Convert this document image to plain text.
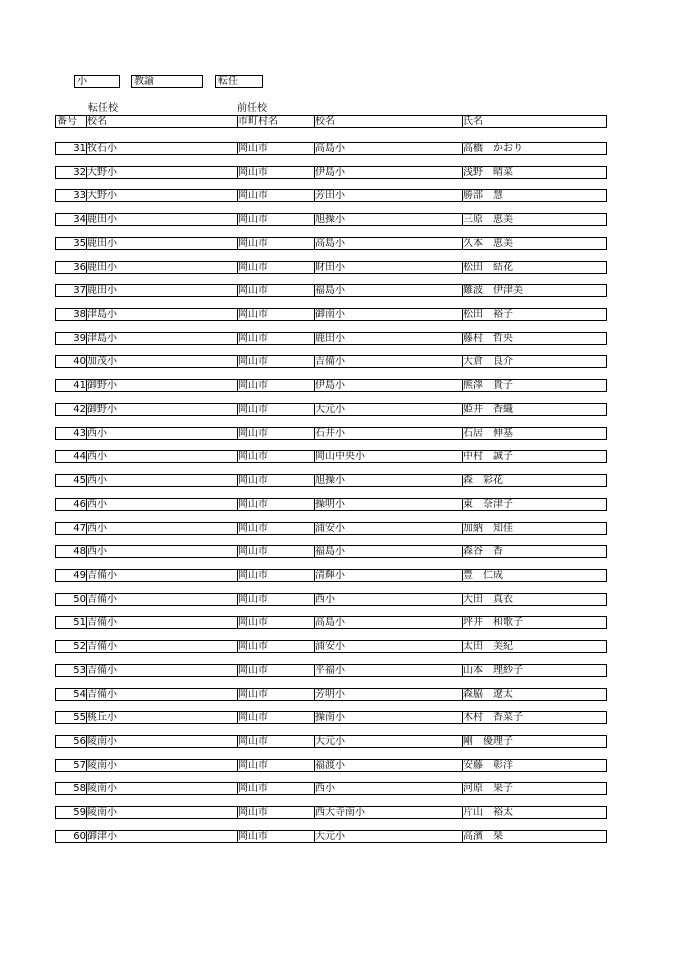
小	教諭	転任
転任校	前任校
番号	校名	市町村名	校名	氏名
31 牧石小	岡山市	高島小	高橋　かおり
32 大野小	岡山市	伊島小	浅野　晴菜
33 大野小	岡山市	芳田小	勝部　慧
34 鹿田小	岡山市	旭操小	三原　恵美
35 鹿田小	岡山市	高島小	久本　恵美
36 鹿田小	岡山市	財田小	松田　結花
37 鹿田小	岡山市	福島小	難波　伊津美
38 津島小	岡山市	御南小	松田　裕子
39 津島小	岡山市	鹿田小	藤村　哲央
40 加茂小	岡山市	吉備小	大倉　良介
41 御野小	岡山市	伊島小	熊澤　貴子
42 御野小	岡山市	大元小	姫井　香織
43 西小	岡山市	石井小	石居　伸基
44 西小	岡山市	岡山中央小	中村　誠子
45 西小	岡山市	旭操小	森　彩花
46 西小	岡山市	操明小	東　奈津子
47 西小	岡山市	浦安小	加納　知佳
48 西小	岡山市	福島小	森谷　香
49 吉備小	岡山市	清輝小	豊　仁成
50 吉備小	岡山市	西小	大田　真衣
51 吉備小	岡山市	高島小	坪井　和歌子
52 吉備小	岡山市	浦安小	太田　美紀
53 吉備小	岡山市	平福小	山本　理紗子
54 吉備小	岡山市	芳明小	森脇　遼太
55 桃丘小	岡山市	操南小	木村　香菜子
56 陵南小	岡山市	大元小	剛　優理子
57 陵南小	岡山市	福渡小	安藤　彰洋
58 陵南小	岡山市	西小	河原　果子
59 陵南小	岡山市	西大寺南小	片山　裕太
60 御津小	岡山市	大元小	高濱　栞
